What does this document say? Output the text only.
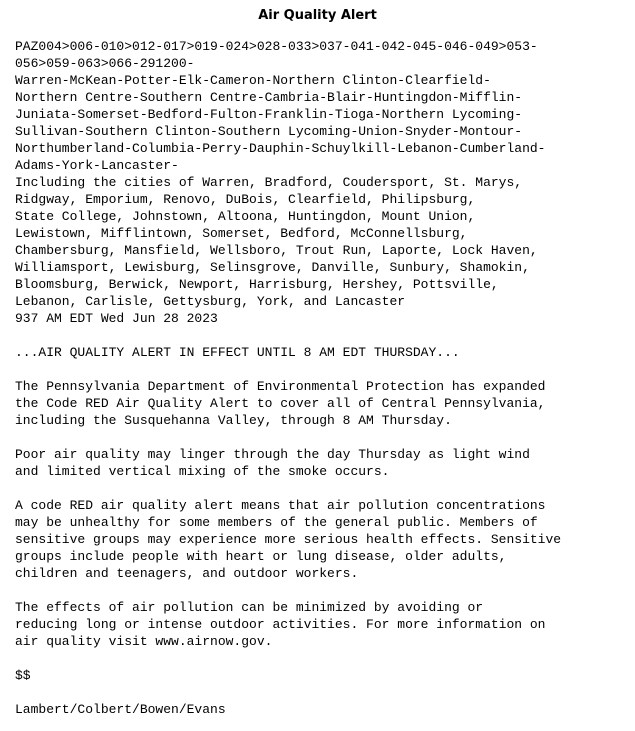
Air Quality Alert
PAZ004>006-010>012-017>019-024>028-033>037-041-042-045-046-049>053-
056>059-063>066-291200-
Warren-McKean-Potter-Elk-Cameron-Northern Clinton-Clearfield-
Northern Centre-Southern Centre-Cambria-Blair-Huntingdon-Mifflin-
Juniata-Somerset-Bedford-Fulton-Franklin-Tioga-Northern Lycoming-
Sullivan-Southern Clinton-Southern Lycoming-Union-Snyder-Montour-
Northumberland-Columbia-Perry-Dauphin-Schuylkill-Lebanon-Cumberland-
Adams-York-Lancaster-
Including the cities of Warren, Bradford, Coudersport, St. Marys,
Ridgway, Emporium, Renovo, DuBois, Clearfield, Philipsburg,
State College, Johnstown, Altoona, Huntingdon, Mount Union,
Lewistown, Mifflintown, Somerset, Bedford, McConnellsburg,
Chambersburg, Mansfield, Wellsboro, Trout Run, Laporte, Lock Haven,
Williamsport, Lewisburg, Selinsgrove, Danville, Sunbury, Shamokin,
Bloomsburg, Berwick, Newport, Harrisburg, Hershey, Pottsville,
Lebanon, Carlisle, Gettysburg, York, and Lancaster
937 AM EDT Wed Jun 28 2023
...AIR QUALITY ALERT IN EFFECT UNTIL 8 AM EDT THURSDAY...
The Pennsylvania Department of Environmental Protection has expanded
the Code RED Air Quality Alert to cover all of Central Pennsylvania,
including the Susquehanna Valley, through 8 AM Thursday.
Poor air quality may linger through the day Thursday as light wind
and limited vertical mixing of the smoke occurs.
A code RED air quality alert means that air pollution concentrations
may be unhealthy for some members of the general public. Members of
sensitive groups may experience more serious health effects. Sensitive
groups include people with heart or lung disease, older adults,
children and teenagers, and outdoor workers.
The effects of air pollution can be minimized by avoiding or
reducing long or intense outdoor activities. For more information on
air quality visit www.airnow.gov.
$$
Lambert/Colbert/Bowen/Evans
